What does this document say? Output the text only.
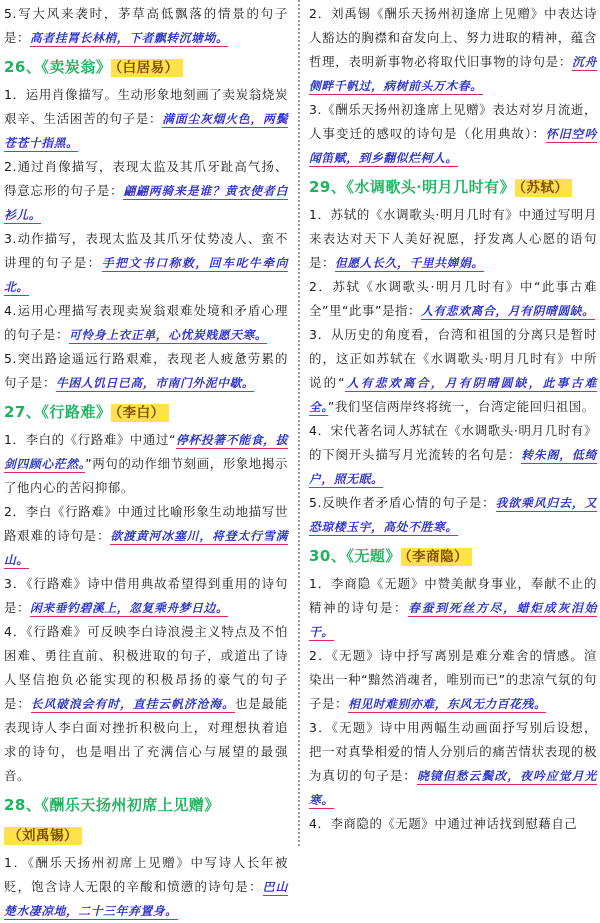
5.写大风来袭时，茅草高低飘落的情景的句子是：高者挂罥长林梢，下者飘转沉塘坳。

26、《卖炭翁》 （白居易）

1．运用肖像描写。生动形象地刻画了卖炭翁烧炭艰辛、生活困苦的句子是：满面尘灰烟火色，两鬓苍苍十指黑。

2.通过肖像描写，表现太监及其爪牙趾高气扬、得意忘形的句子是：翩翩两骑来是谁？黄衣使者白衫儿。

3.动作描写，表现太监及其爪牙仗势凌人、蛮不讲理的句子是：手把文书口称敕，回车叱牛牵向北。

4.运用心理描写表现卖炭翁艰难处境和矛盾心理的句子是：可怜身上衣正单，心忧炭贱愿天寒。

5.突出路途遥远行路艰难，表现老人疲惫劳累的句子是：牛困人饥日已高，市南门外泥中歇。

27、《行路难》 （李白）

1．李白的《行路难》中通过“停杯投箸不能食，拔剑四顾心茫然。”两句的动作细节刻画，形象地揭示了他内心的苦闷抑郁。

2．李白《行路难》中通过比喻形象生动地描写世路艰难的诗句是：欲渡黄河冰塞川，将登太行雪满山。

3．《行路难》诗中借用典故希望得到重用的诗句是：闲来垂钓碧溪上，忽复乘舟梦日边。

4．《行路难》可反映李白诗浪漫主义特点及不怕困难、勇往直前、积极进取的句子，或道出了诗人坚信抱负必能实现的积极昂扬的豪气的句子是：长风破浪会有时，直挂云帆济沧海。也是最能表现诗人李白面对挫折积极向上，对理想执着追求的诗句，也是唱出了充满信心与展望的最强音。

28、《酬乐天扬州初席上见赠》（刘禹锡）

1．《酬乐天扬州初席上见赠》中写诗人长年被贬，饱含诗人无限的辛酸和愤懑的诗句是：巴山楚水凄凉地，二十三年弃置身。

2．刘禹锡《酬乐天扬州初逢席上见赠》中表达诗人豁达的胸襟和奋发向上、努力进取的精神，蕴含哲理，表明新事物必将取代旧事物的诗句是：沉舟侧畔千帆过，病树前头万木春。

3.《酬乐天扬州初逢席上见赠》表达对岁月流逝，人事变迁的感叹的诗句是（化用典故）：怀旧空吟闻笛赋，到乡翻似烂柯人。

29、《水调歌头·明月几时有》 （苏轼）

1．苏轼的《水调歌头·明月几时有》中通过写明月来表达对天下人美好祝愿，抒发离人心愿的语句是：但愿人长久，千里共婵娟。

2．苏轼《水调歌头·明月几时有》中“此事古难全”里“此事”是指：人有悲欢离合，月有阴晴圆缺。

3．从历史的角度看，台湾和祖国的分离只是暂时的，这正如苏轼在《水调歌头·明月几时有》中所说的“人有悲欢离合，月有阴晴圆缺，此事古难全。”我们坚信两岸终将统一，台湾定能回归祖国。

4．宋代著名词人苏轼在《水调歌头·明月几时有》的下阕开头描写月光流转的名句是：转朱阁，低绮户，照无眠。

5.反映作者矛盾心情的句子是：我欲乘风归去，又恐琼楼玉宇，高处不胜寒。

30、《无题》 （李商隐）

1．李商隐《无题》中赞美献身事业，奉献不止的精神的诗句是：春蚕到死丝方尽，蜡炬成灰泪始干。

2．《无题》诗中抒写离别是难分难舍的情感。渲染出一种“黯然消魂者，唯别而已”的悲凉气氛的句子是：相见时难别亦难，东风无力百花残。

3．《无题》诗中用两幅生动画面抒写别后设想，把一对真挚相爱的情人分别后的痛苦情状表现的极为真切的句子是：晓镜但愁云鬓改，夜吟应觉月光寒。

4．李商隐的《无题》中通过神话找到慰藉自己
